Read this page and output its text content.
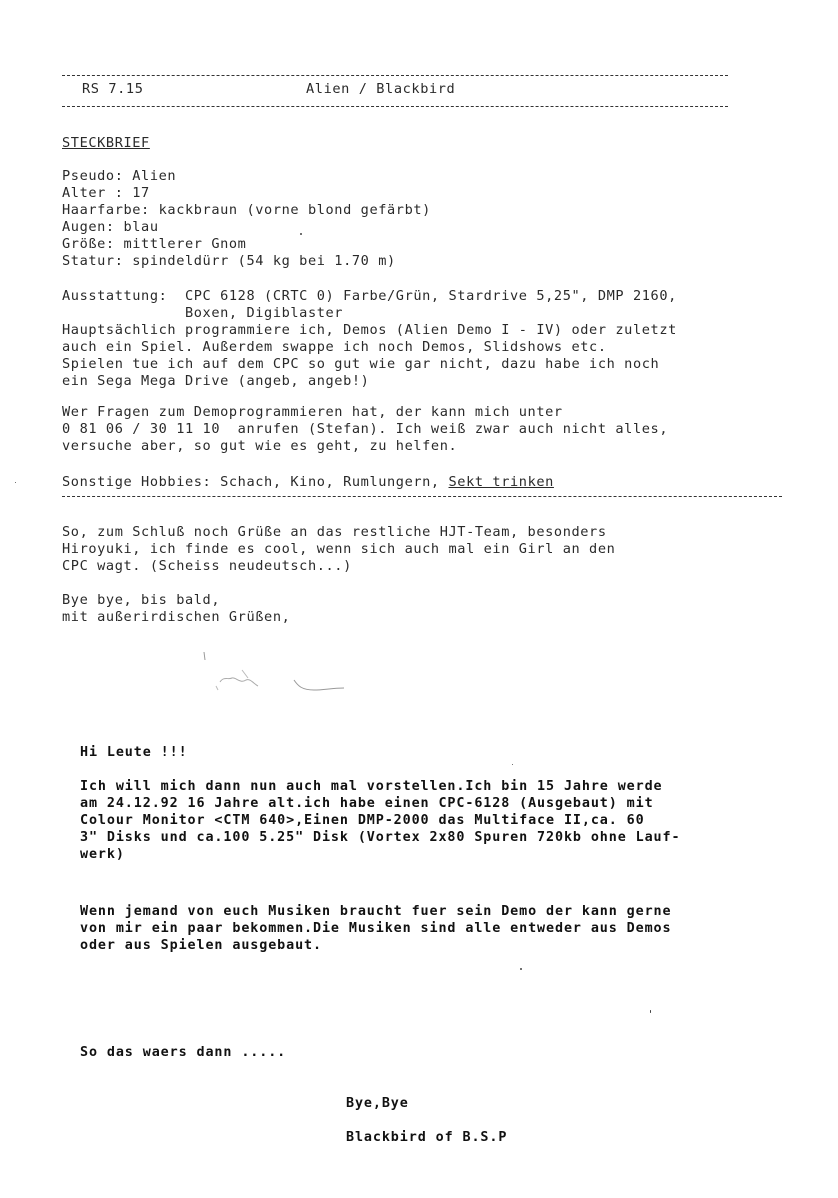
RS 7.15	Alien / Blackbird
STECKBRIEF
Pseudo: Alien
Alter : 17
Haarfarbe: kackbraun (vorne blond gefärbt)
Augen: blau
Größe: mittlerer Gnom
Statur: spindeldürr (54 kg bei 1.70 m)
Ausstattung:  CPC 6128 (CRTC 0) Farbe/Grün, Stardrive 5,25", DMP 2160,
Boxen, Digiblaster
Hauptsächlich programmiere ich, Demos (Alien Demo I - IV) oder zuletzt
auch ein Spiel. Außerdem swappe ich noch Demos, Slidshows etc.
Spielen tue ich auf dem CPC so gut wie gar nicht, dazu habe ich noch
ein Sega Mega Drive (angeb, angeb!)
Wer Fragen zum Demoprogrammieren hat, der kann mich unter
0 81 06 / 30 11 10  anrufen (Stefan). Ich weiß zwar auch nicht alles,
versuche aber, so gut wie es geht, zu helfen.
Sonstige Hobbies: Schach, Kino, Rumlungern, Sekt trinken
So, zum Schluß noch Grüße an das restliche HJT-Team, besonders
Hiroyuki, ich finde es cool, wenn sich auch mal ein Girl an den
CPC wagt. (Scheiss neudeutsch...)
Bye bye, bis bald,
mit außerirdischen Grüßen,
Hi Leute !!!
Ich will mich dann nun auch mal vorstellen.Ich bin 15 Jahre werde
am 24.12.92 16 Jahre alt.ich habe einen CPC-6128 (Ausgebaut) mit
Colour Monitor <CTM 640>,Einen DMP-2000 das Multiface II,ca. 60
3" Disks und ca.100 5.25" Disk (Vortex 2x80 Spuren 720kb ohne Lauf-
werk)
Wenn jemand von euch Musiken braucht fuer sein Demo der kann gerne
von mir ein paar bekommen.Die Musiken sind alle entweder aus Demos
oder aus Spielen ausgebaut.
So das waers dann .....
Bye,Bye
Blackbird of B.S.P
